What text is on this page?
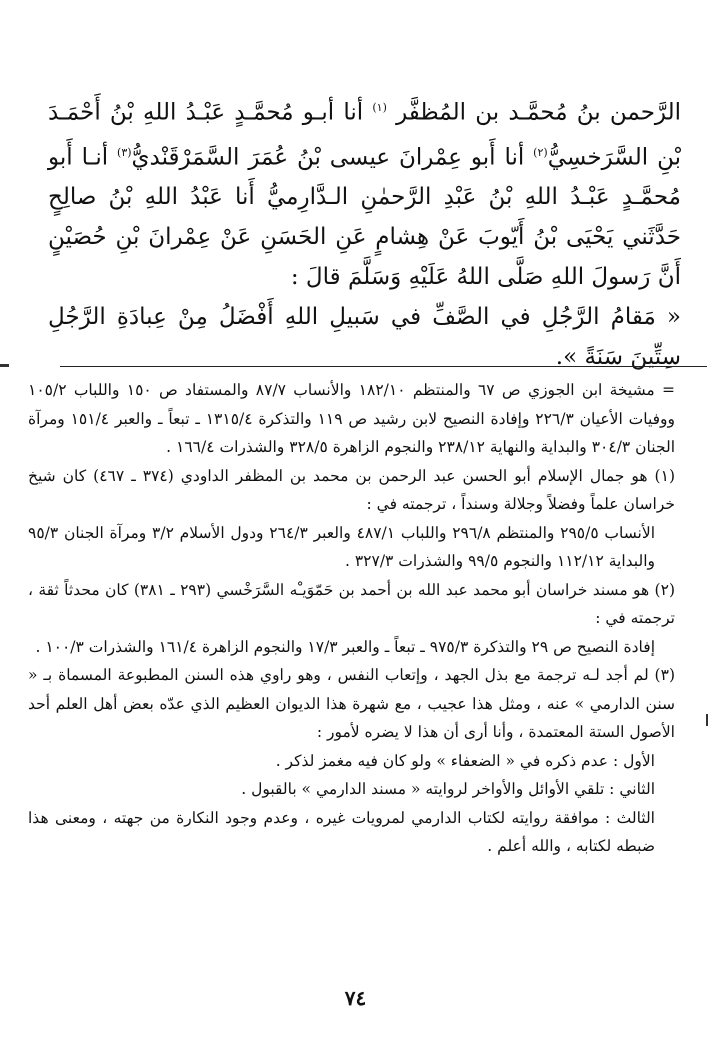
الرَّحمن بنُ مُحمَّـد بن المُظفَّر $^{(١)}$ أنا أبـو مُحمَّـدٍ عَبْـدُ اللهِ بْنُ أَحْمَـدَ بْنِ السَّرَخسِيُّ$^{(٢)}$ أنا أَبو عِمْرانَ عيسى بْنُ عُمَرَ السَّمَرْقَنْديُّ$^{(٣)}$ أنـا أَبو مُحمَّـدٍ عَبْـدُ اللهِ بْنُ عَبْدِ الرَّحمٰنِ الـدَّارِميُّ أَنا عَبْدُ اللهِ بْنُ صالِحٍ حَدَّثَني يَحْيَى بْنُ أَيّوبَ عَنْ هِشامٍ عَنِ الحَسَنِ عَنْ عِمْرانَ بْنِ حُصَيْنٍ أَنَّ رَسولَ اللهِ صَلَّى اللهُ عَلَيْهِ وَسَلَّمَ قالَ :

« مَقامُ الرَّجُلِ في الصَّفِّ في سَبيلِ اللهِ أَفْضَلُ مِنْ عِبادَةِ الرَّجُلِ سِتِّينَ سَنَةً ».

= مشيخة ابن الجوزي ص ٦٧ والمنتظم ١٨٢/١٠ والأنساب ٨٧/٧ والمستفاد ص ١٥٠ واللباب ١٠٥/٢ ووفيات الأعيان ٢٢٦/٣ وإفادة النصيح لابن رشيد ص ١١٩ والتذكرة ١٣١٥/٤ ـ تبعاً ـ والعبر ١٥١/٤ ومرآة الجنان ٣٠٤/٣ والبداية والنهاية ٢٣٨/١٢ والنجوم الزاهرة ٣٢٨/٥ والشذرات ١٦٦/٤ .

(١) هو جمال الإسلام أبو الحسن عبد الرحمن بن محمد بن المظفر الداودي (٣٧٤ ـ ٤٦٧) كان شيخ خراسان علماً وفضلاً وجلالة وسنداً ، ترجمته في :

الأنساب ٢٩٥/٥ والمنتظم ٢٩٦/٨ واللباب ٤٨٧/١ والعبر ٢٦٤/٣ ودول الأسلام ٣/٢ ومرآة الجنان ٩٥/٣ والبداية ١١٢/١٢ والنجوم ٩٩/٥ والشذرات ٣٢٧/٣ .

(٢) هو مسند خراسان أبو محمد عبد الله بن أحمد بن حَمّوَيـْه السَّرَخْسي (٢٩٣ ـ ٣٨١) كان محدثاً ثقة ، ترجمته في :

إفادة النصيح ص ٢٩ والتذكرة ٩٧٥/٣ ـ تبعاً ـ والعبر ١٧/٣ والنجوم الزاهرة ١٦١/٤ والشذرات ١٠٠/٣ .

(٣) لم أجد لـه ترجمة مع بذل الجهد ، وإتعاب النفس ، وهو راوي هذه السنن المطبوعة المسماة بـ « سنن الدارمي » عنه ، ومثل هذا عجيب ، مع شهرة هذا الديوان العظيم الذي عدّه بعض أهل العلم أحد الأصول الستة المعتمدة ، وأنا أرى أن هذا لا يضره لأمور :

الأول : عدم ذكره في « الضعفاء » ولو كان فيه مغمز لذكر .

الثاني : تلقي الأوائل والأواخر لروايته « مسند الدارمي » بالقبول .

الثالث : موافقة روايته لكتاب الدارمي لمرويات غيره ، وعدم وجود النكارة من جهته ، ومعنى هذا ضبطه لكتابه ، والله أعلم .

٧٤
